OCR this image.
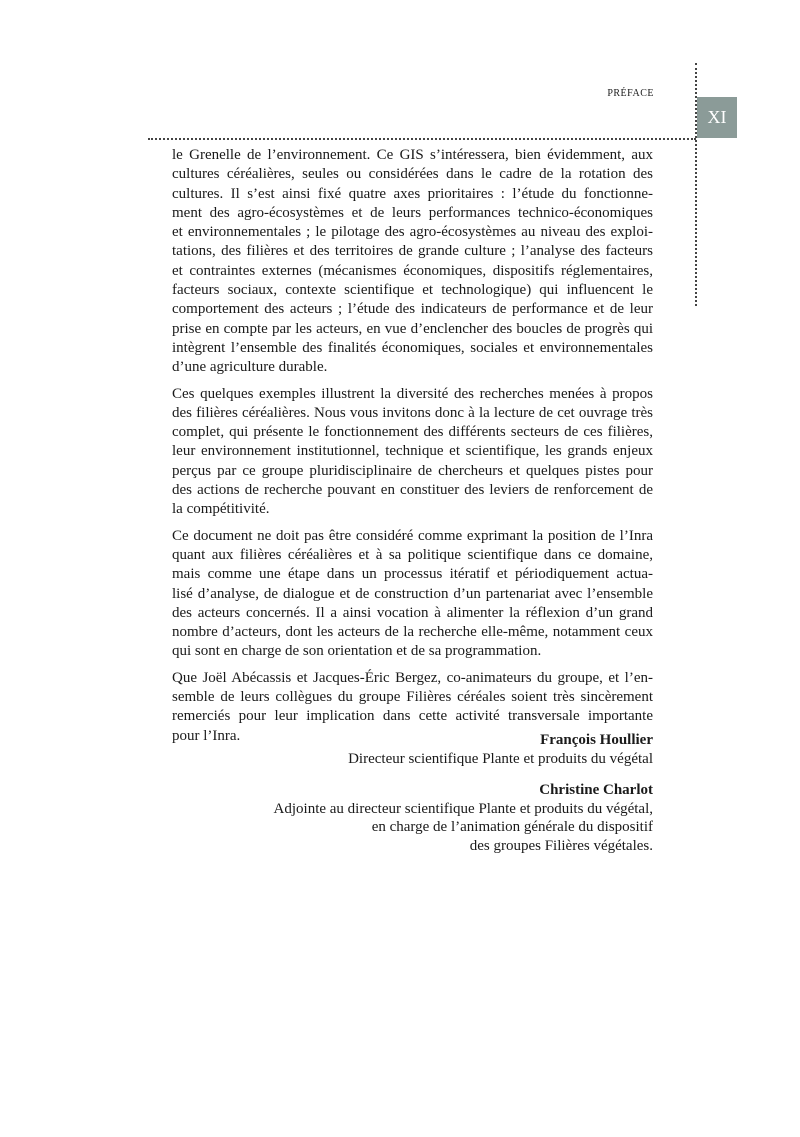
PRÉFACE
XI
le Grenelle de l’environnement. Ce GIS s’intéressera, bien évidemment, aux
cultures céréalières, seules ou considérées dans le cadre de la rotation des
cultures. Il s’est ainsi fixé quatre axes prioritaires : l’étude du fonctionne-
ment des agro-écosystèmes et de leurs performances technico-économiques
et environnementales ; le pilotage des agro-écosystèmes au niveau des exploi-
tations, des filières et des territoires de grande culture ; l’analyse des facteurs
et contraintes externes (mécanismes économiques, dispositifs réglementaires,
facteurs sociaux, contexte scientifique et technologique) qui influencent le
comportement des acteurs ; l’étude des indicateurs de performance et de leur
prise en compte par les acteurs, en vue d’enclencher des boucles de progrès qui
intègrent l’ensemble des finalités économiques, sociales et environnementales
d’une agriculture durable.
Ces quelques exemples illustrent la diversité des recherches menées à propos
des filières céréalières. Nous vous invitons donc à la lecture de cet ouvrage très
complet, qui présente le fonctionnement des différents secteurs de ces filières,
leur environnement institutionnel, technique et scientifique, les grands enjeux
perçus par ce groupe pluridisciplinaire de chercheurs et quelques pistes pour
des actions de recherche pouvant en constituer des leviers de renforcement de
la compétitivité.
Ce document ne doit pas être considéré comme exprimant la position de l’Inra
quant aux filières céréalières et à sa politique scientifique dans ce domaine,
mais comme une étape dans un processus itératif et périodiquement actua-
lisé d’analyse, de dialogue et de construction d’un partenariat avec l’ensemble
des acteurs concernés. Il a ainsi vocation à alimenter la réflexion d’un grand
nombre d’acteurs, dont les acteurs de la recherche elle-même, notamment ceux
qui sont en charge de son orientation et de sa programmation.
Que Joël Abécassis et Jacques-Éric Bergez, co-animateurs du groupe, et l’en-
semble de leurs collègues du groupe Filières céréales soient très sincèrement
remerciés pour leur implication dans cette activité transversale importante
pour l’Inra.	François Houllier
Directeur scientifique Plante et produits du végétal
Christine Charlot
Adjointe au directeur scientifique Plante et produits du végétal,
en charge de l’animation générale du dispositif
des groupes Filières végétales.
